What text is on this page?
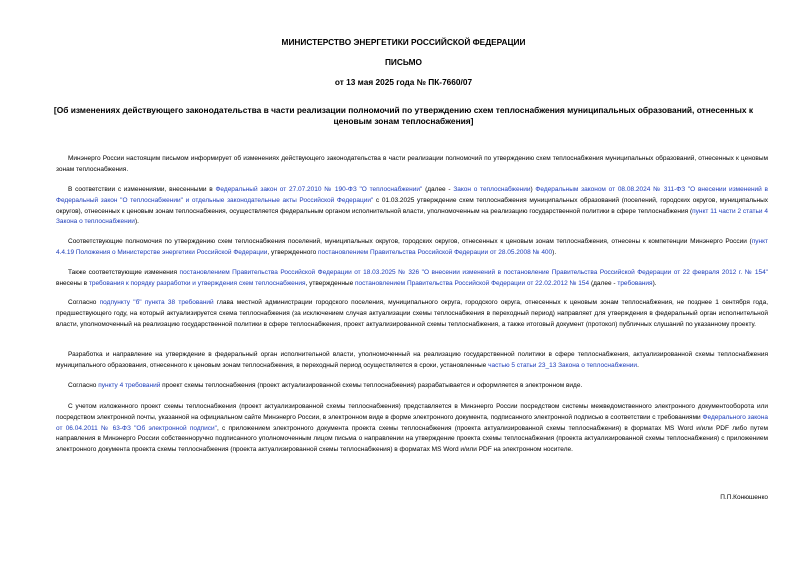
МИНИСТЕРСТВО ЭНЕРГЕТИКИ РОССИЙСКОЙ ФЕДЕРАЦИИ
ПИСЬМО
от 13 мая 2025 года № ПК-7660/07
[Об изменениях действующего законодательства в части реализации полномочий по утверждению схем теплоснабжения муниципальных образований, отнесенных к ценовым зонам теплоснабжения]

Минэнерго России настоящим письмом информирует об изменениях действующего законодательства в части реализации полномочий по утверждению схем теплоснабжения муниципальных образований, отнесенных к ценовым зонам теплоснабжения.

В соответствии с изменениями, внесенными в Федеральный закон от 27.07.2010 № 190-ФЗ "О теплоснабжении" (далее - Закон о теплоснабжении) Федеральным законом от 08.08.2024 № 311-ФЗ "О внесении изменений в Федеральный закон "О теплоснабжении" и отдельные законодательные акты Российской Федерации" с 01.03.2025 утверждение схем теплоснабжения муниципальных образований (поселений, городских округов, муниципальных округов), отнесенных к ценовым зонам теплоснабжения, осуществляется федеральным органом исполнительной власти, уполномоченным на реализацию государственной политики в сфере теплоснабжения (пункт 11 части 2 статьи 4 Закона о теплоснабжении).

Соответствующие полномочия по утверждению схем теплоснабжения поселений, муниципальных округов, городских округов, отнесенных к ценовым зонам теплоснабжения, отнесены к компетенции Минэнерго России (пункт 4.4.19 Положения о Министерстве энергетики Российской Федерации, утвержденного постановлением Правительства Российской Федерации от 28.05.2008 № 400).

Также соответствующие изменения постановлением Правительства Российской Федерации от 18.03.2025 № 326 "О внесении изменений в постановление Правительства Российской Федерации от 22 февраля 2012 г. № 154" внесены в требования к порядку разработки и утверждения схем теплоснабжения, утвержденные постановлением Правительства Российской Федерации от 22.02.2012 № 154 (далее - требования).

Согласно подпункту "б" пункта 38 требований глава местной администрации городского поселения, муниципального округа, городского округа, отнесенных к ценовым зонам теплоснабжения, не позднее 1 сентября года, предшествующего году, на который актуализируется схема теплоснабжения (за исключением случая актуализации схемы теплоснабжения в переходный период) направляет для утверждения в федеральный орган исполнительной власти, уполномоченный на реализацию государственной политики в сфере теплоснабжения, проект актуализированной схемы теплоснабжения, а также итоговый документ (протокол) публичных слушаний по указанному проекту.

Разработка и направление на утверждение в федеральный орган исполнительной власти, уполномоченный на реализацию государственной политики в сфере теплоснабжения, актуализированной схемы теплоснабжения муниципального образования, отнесенного к ценовым зонам теплоснабжения, в переходный период осуществляется в сроки, установленные частью 5 статьи 23_13 Закона о теплоснабжении.

Согласно пункту 4 требований проект схемы теплоснабжения (проект актуализированной схемы теплоснабжения) разрабатывается и оформляется в электронном виде.

С учетом изложенного проект схемы теплоснабжения (проект актуализированной схемы теплоснабжения) представляется в Минэнерго России посредством системы межведомственного электронного документооборота или посредством электронной почты, указанной на официальном сайте Минэнерго России, в электронном виде в форме электронного документа, подписанного электронной подписью в соответствии с требованиями Федерального закона от 06.04.2011 № 63-ФЗ "Об электронной подписи", с приложением электронного документа проекта схемы теплоснабжения (проекта актуализированной схемы теплоснабжения) в форматах MS Word и/или PDF либо путем направления в Минэнерго России собственноручно подписанного уполномоченным лицом письма о направлении на утверждение проекта схемы теплоснабжения (проекта актуализированной схемы теплоснабжения) с приложением электронного документа проекта схемы теплоснабжения (проекта актуализированной схемы теплоснабжения) в форматах MS Word и/или PDF на электронном носителе.

П.П.Конюшенко
